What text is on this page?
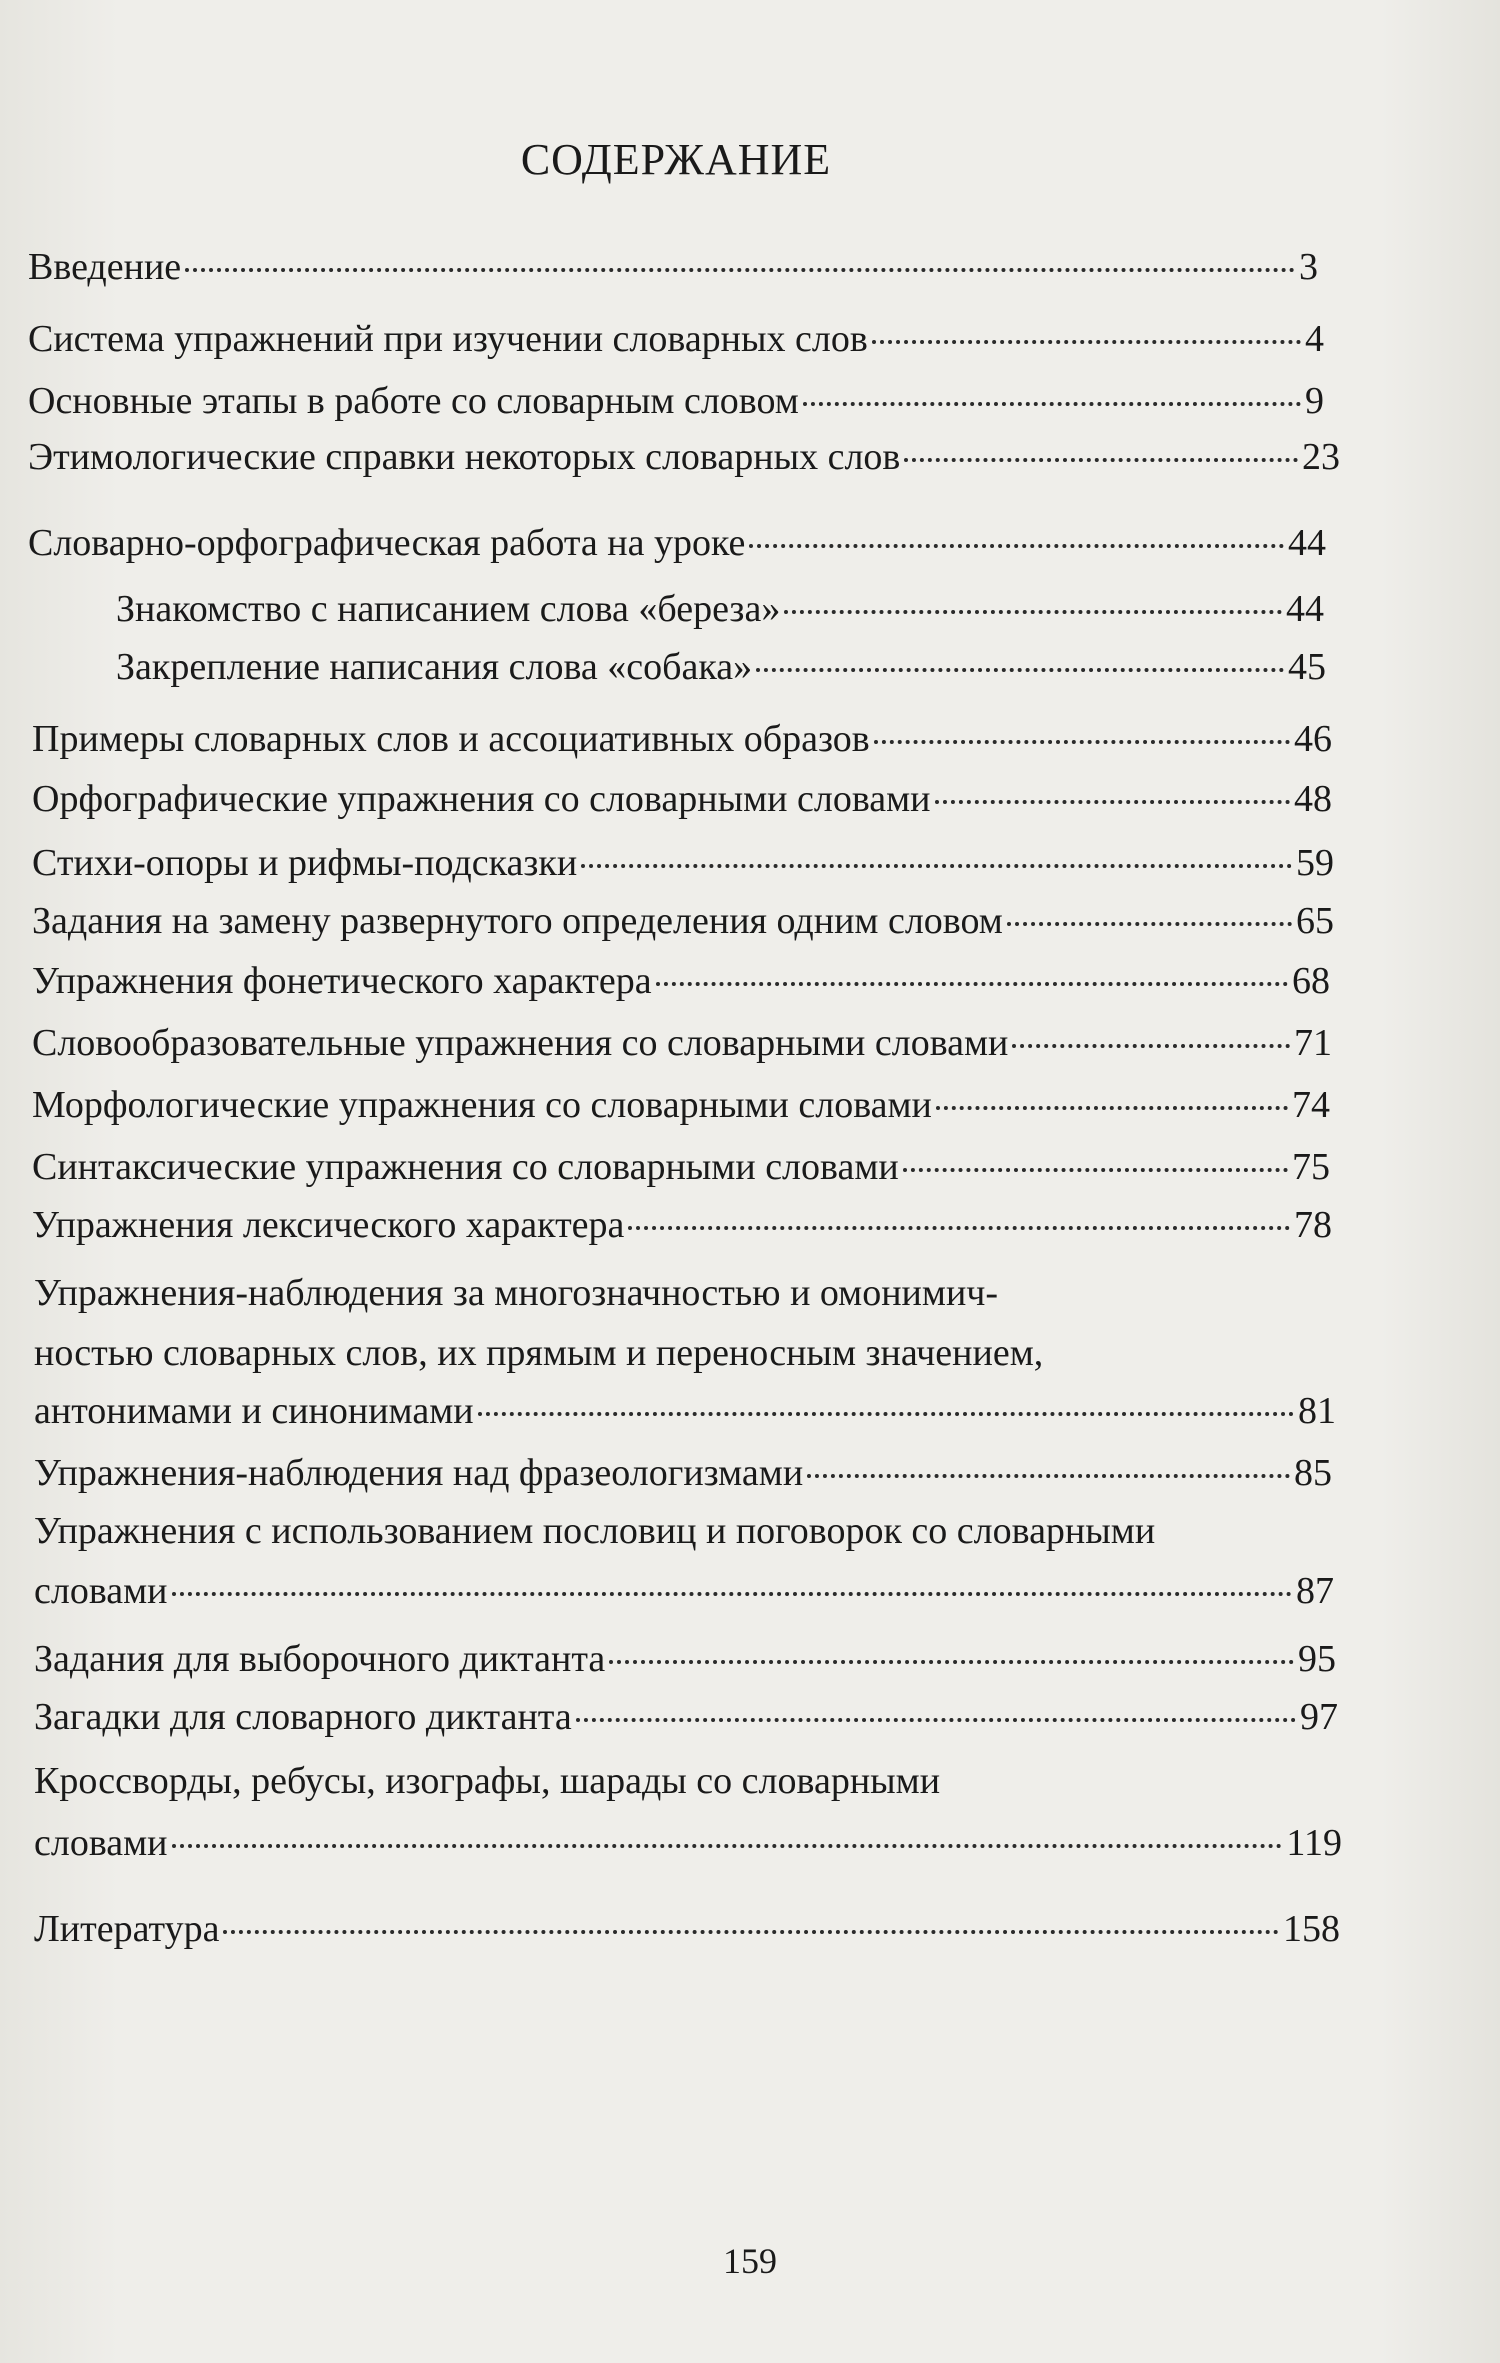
СОДЕРЖАНИЕ
Введение	3
Система упражнений при изучении словарных слов	4
Основные этапы в работе со словарным словом	9
Этимологические справки некоторых словарных слов	23
Словарно-орфографическая работа на уроке	44
Знакомство с написанием слова «береза»	44
Закрепление написания слова «собака»	45
Примеры словарных слов и ассоциативных образов	46
Орфографические упражнения со словарными словами	48
Стихи-опоры и рифмы-подсказки	59
Задания на замену развернутого определения одним словом	65
Упражнения фонетического характера	68
Словообразовательные упражнения со словарными словами	71
Морфологические упражнения со словарными словами	74
Синтаксические упражнения со словарными словами	75
Упражнения лексического характера	78
Упражнения-наблюдения за многозначностью и омонимич-
ностью словарных слов, их прямым и переносным значением,
антонимами и синонимами	81
Упражнения-наблюдения над фразеологизмами	85
Упражнения с использованием пословиц и поговорок со словарными
словами	87
Задания для выборочного диктанта	95
Загадки для словарного диктанта	97
Кроссворды, ребусы, изографы, шарады со словарными
словами	119
Литература	158
159
